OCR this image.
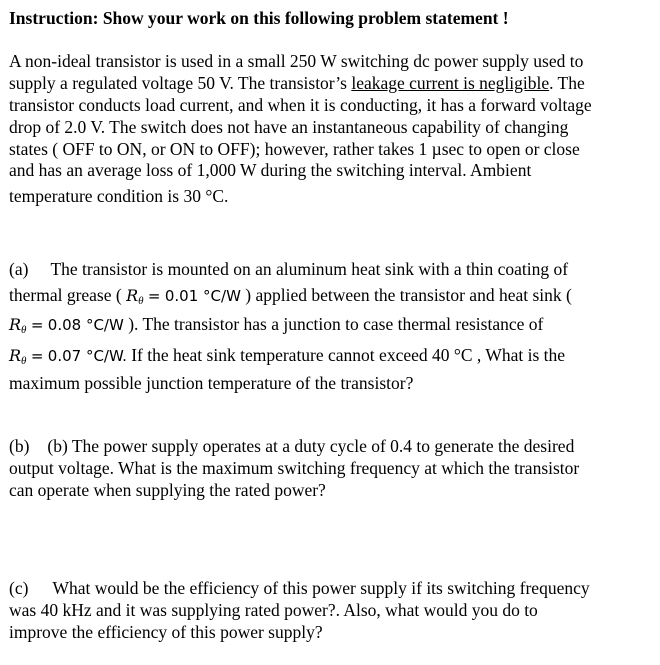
Instruction: Show your work on this following problem statement !
A non-ideal transistor is used in a small 250 W switching dc power supply used to
supply a regulated voltage 50 V. The transistor’s leakage current is negligible. The
transistor conducts load current, and when it is conducting, it has a forward voltage
drop of 2.0 V. The switch does not have an instantaneous capability of changing
states ( OFF to ON, or ON to OFF); however, rather takes 1 µsec to open or close
and has an average loss of 1,000 W during the switching interval. Ambient
temperature condition is 30 °C.
(a) The transistor is mounted on an aluminum heat sink with a thin coating of
thermal grease ( Rθ = 0.01 °C/W ) applied between the transistor and heat sink (
Rθ = 0.08 °C/W ). The transistor has a junction to case thermal resistance of
Rθ = 0.07 °C/W. If the heat sink temperature cannot exceed 40 °C , What is the
maximum possible junction temperature of the transistor?
(b) (b) The power supply operates at a duty cycle of 0.4 to generate the desired
output voltage. What is the maximum switching frequency at which the transistor
can operate when supplying the rated power?
(c) What would be the efficiency of this power supply if its switching frequency
was 40 kHz and it was supplying rated power?. Also, what would you do to
improve the efficiency of this power supply?
